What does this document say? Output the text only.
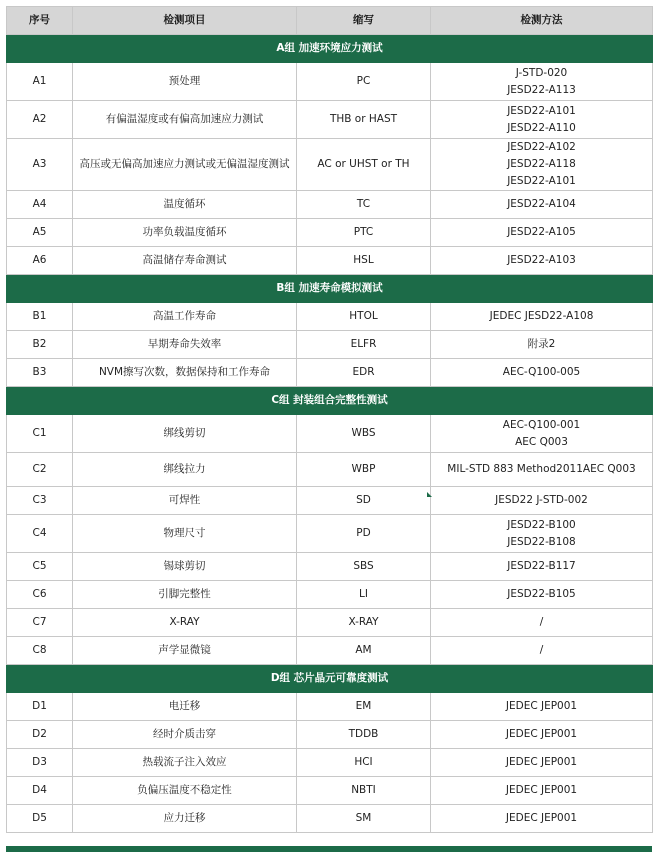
序号	检测项目	缩写	检测方法
A组 加速环境应力测试			
A1	预处理	PC	J-STD-020
JESD22-A113

A2	有偏温湿度或有偏高加速应力测试	THB or HAST	JESD22-A101
JESD22-A110

A3	高压或无偏高加速应力测试或无偏温湿度测试	AC or UHST or TH	JESD22-A102
JESD22-A118
JESD22-A101

A4	温度循环	TC	JESD22-A104
A5	功率负载温度循环	PTC	JESD22-A105
A6	高温储存寿命测试	HSL	JESD22-A103
B组 加速寿命模拟测试			
B1	高温工作寿命	HTOL	JEDEC JESD22-A108
B2	早期寿命失效率	ELFR	附录2
B3	NVM擦写次数，数据保持和工作寿命	EDR	AEC-Q100-005
C组 封装组合完整性测试			
C1	绑线剪切	WBS	AEC-Q100-001
AEC Q003

C2	绑线拉力	WBP	MIL-STD 883 Method2011AEC Q003
C3	可焊性	SD	JESD22 J-STD-002
C4	物理尺寸	PD	JESD22-B100
JESD22-B108

C5	锡球剪切	SBS	JESD22-B117
C6	引脚完整性	LI	JESD22-B105
C7	X-RAY	X-RAY	/
C8	声学显微镜	AM	/
D组 芯片晶元可靠度测试			
D1	电迁移	EM	JEDEC JEP001
D2	经时介质击穿	TDDB	JEDEC JEP001
D3	热载流子注入效应	HCI	JEDEC JEP001
D4	负偏压温度不稳定性	NBTI	JEDEC JEP001
D5	应力迁移	SM	JEDEC JEP001
